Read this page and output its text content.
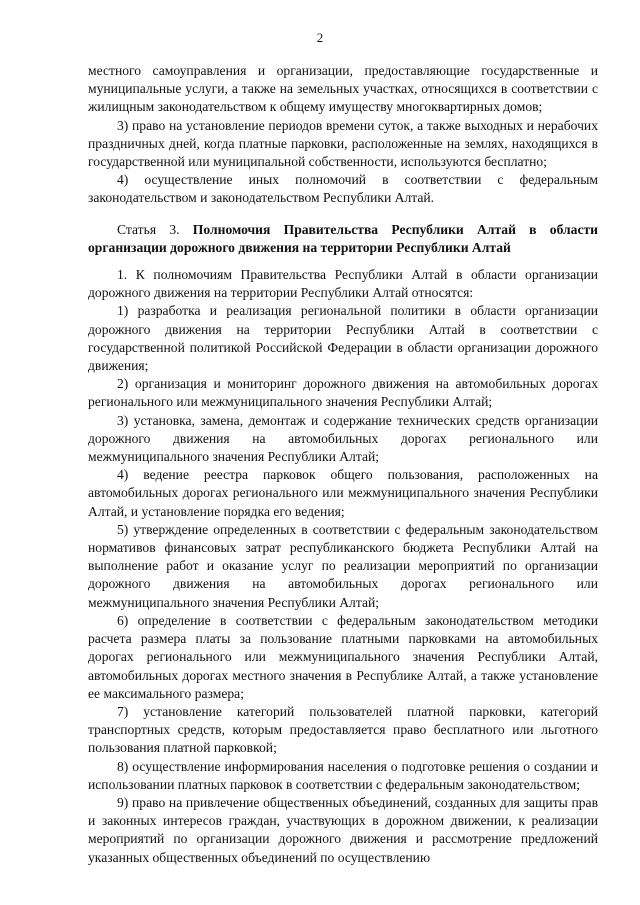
2

местного самоуправления и организации, предоставляющие государственные и муниципальные услуги, а также на земельных участках, относящихся в соответствии с жилищным законодательством к общему имуществу многоквартирных домов;

3) право на установление периодов времени суток, а также выходных и нерабочих праздничных дней, когда платные парковки, расположенные на землях, находящихся в государственной или муниципальной собственности, используются бесплатно;

4) осуществление иных полномочий в соответствии с федеральным законодательством и законодательством Республики Алтай.

Статья 3. Полномочия Правительства Республики Алтай в области организации дорожного движения на территории Республики Алтай

1. К полномочиям Правительства Республики Алтай в области организации дорожного движения на территории Республики Алтай относятся:

1) разработка и реализация региональной политики в области организации дорожного движения на территории Республики Алтай в соответствии с государственной политикой Российской Федерации в области организации дорожного движения;

2) организация и мониторинг дорожного движения на автомобильных дорогах регионального или межмуниципального значения Республики Алтай;

3) установка, замена, демонтаж и содержание технических средств организации дорожного движения на автомобильных дорогах регионального или межмуниципального значения Республики Алтай;

4) ведение реестра парковок общего пользования, расположенных на автомобильных дорогах регионального или межмуниципального значения Республики Алтай, и установление порядка его ведения;

5) утверждение определенных в соответствии с федеральным законодательством нормативов финансовых затрат республиканского бюджета Республики Алтай на выполнение работ и оказание услуг по реализации мероприятий по организации дорожного движения на автомобильных дорогах регионального или межмуниципального значения Республики Алтай;

6) определение в соответствии с федеральным законодательством методики расчета размера платы за пользование платными парковками на автомобильных дорогах регионального или межмуниципального значения Республики Алтай, автомобильных дорогах местного значения в Республике Алтай, а также установление ее максимального размера;

7) установление категорий пользователей платной парковки, категорий транспортных средств, которым предоставляется право бесплатного или льготного пользования платной парковкой;

8) осуществление информирования населения о подготовке решения о создании и использовании платных парковок в соответствии с федеральным законодательством;

9) право на привлечение общественных объединений, созданных для защиты прав и законных интересов граждан, участвующих в дорожном движении, к реализации мероприятий по организации дорожного движения и рассмотрение предложений указанных общественных объединений по осуществлению
